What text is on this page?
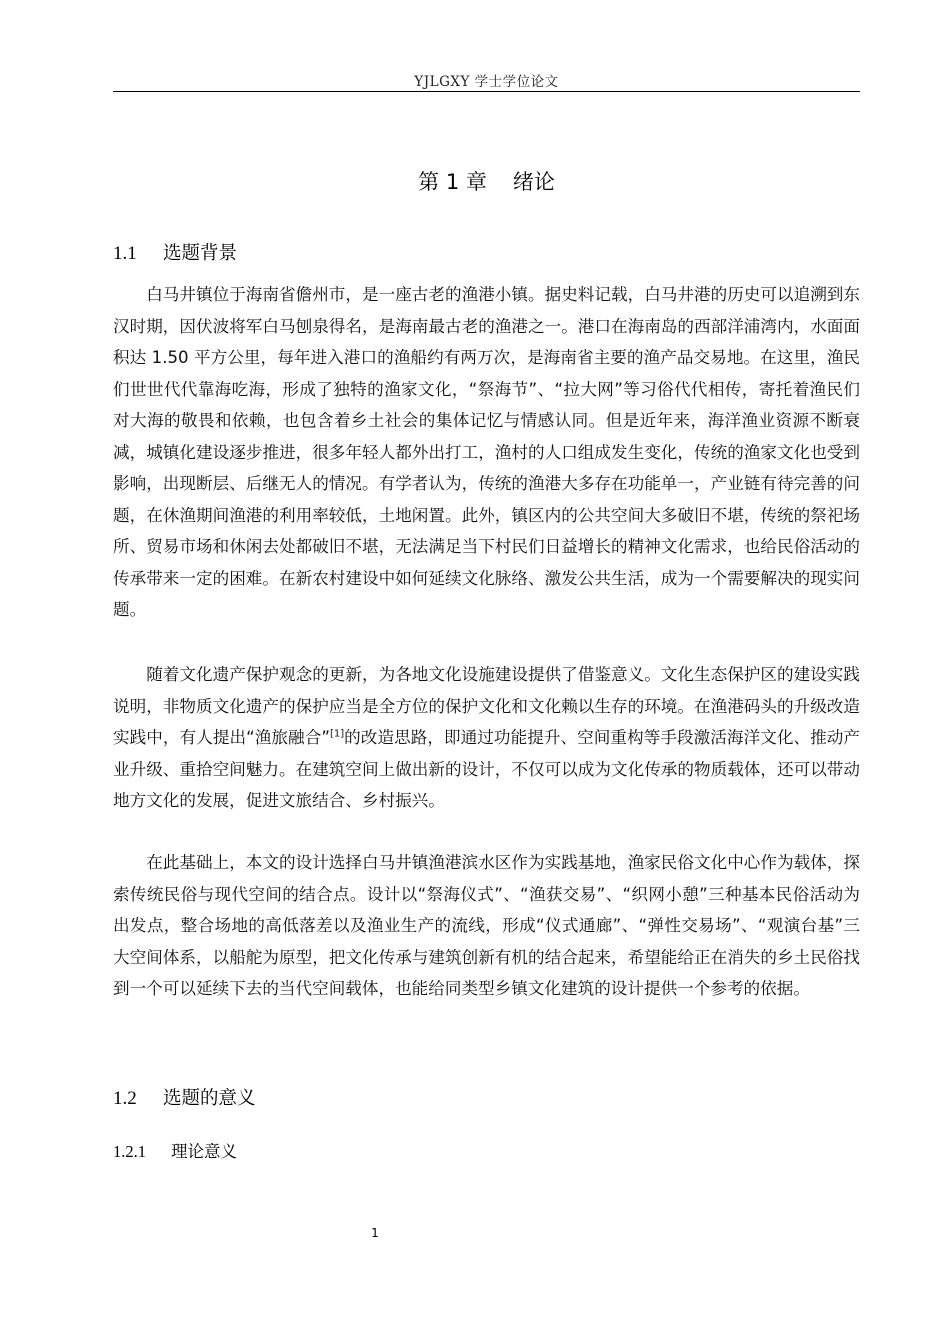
YJLGXY 学士学位论文
第 1 章 绪论
1.1 选题背景

白马井镇位于海南省儋州市，是一座古老的渔港小镇。据史料记载，白马井港的历史可以追溯到东汉时期，因伏波将军白马刨泉得名，是海南最古老的渔港之一。港口在海南岛的西部洋浦湾内，水面面积达 1.50 平方公里，每年进入港口的渔船约有两万次，是海南省主要的渔产品交易地。在这里，渔民们世世代代靠海吃海，形成了独特的渔家文化，“祭海节”、“拉大网”等习俗代代相传，寄托着渔民们对大海的敬畏和依赖，也包含着乡土社会的集体记忆与情感认同。但是近年来，海洋渔业资源不断衰减，城镇化建设逐步推进，很多年轻人都外出打工，渔村的人口组成发生变化，传统的渔家文化也受到影响，出现断层、后继无人的情况。有学者认为，传统的渔港大多存在功能单一，产业链有待完善的问题，在休渔期间渔港的利用率较低，土地闲置。此外，镇区内的公共空间大多破旧不堪，传统的祭祀场所、贸易市场和休闲去处都破旧不堪，无法满足当下村民们日益增长的精神文化需求，也给民俗活动的传承带来一定的困难。在新农村建设中如何延续文化脉络、激发公共生活，成为一个需要解决的现实问题。

随着文化遗产保护观念的更新，为各地文化设施建设提供了借鉴意义。文化生态保护区的建设实践说明，非物质文化遗产的保护应当是全方位的保护文化和文化赖以生存的环境。在渔港码头的升级改造实践中，有人提出“渔旅融合”[1]的改造思路，即通过功能提升、空间重构等手段激活海洋文化、推动产业升级、重拾空间魅力。在建筑空间上做出新的设计，不仅可以成为文化传承的物质载体，还可以带动地方文化的发展，促进文旅结合、乡村振兴。

在此基础上，本文的设计选择白马井镇渔港滨水区作为实践基地，渔家民俗文化中心作为载体，探索传统民俗与现代空间的结合点。设计以“祭海仪式”、“渔获交易”、“织网小憩”三种基本民俗活动为出发点，整合场地的高低落差以及渔业生产的流线，形成“仪式通廊”、“弹性交易场”、“观演台基”三大空间体系，以船舵为原型，把文化传承与建筑创新有机的结合起来，希望能给正在消失的乡土民俗找到一个可以延续下去的当代空间载体，也能给同类型乡镇文化建筑的设计提供一个参考的依据。

1.2 选题的意义
1.2.1 理论意义
1
